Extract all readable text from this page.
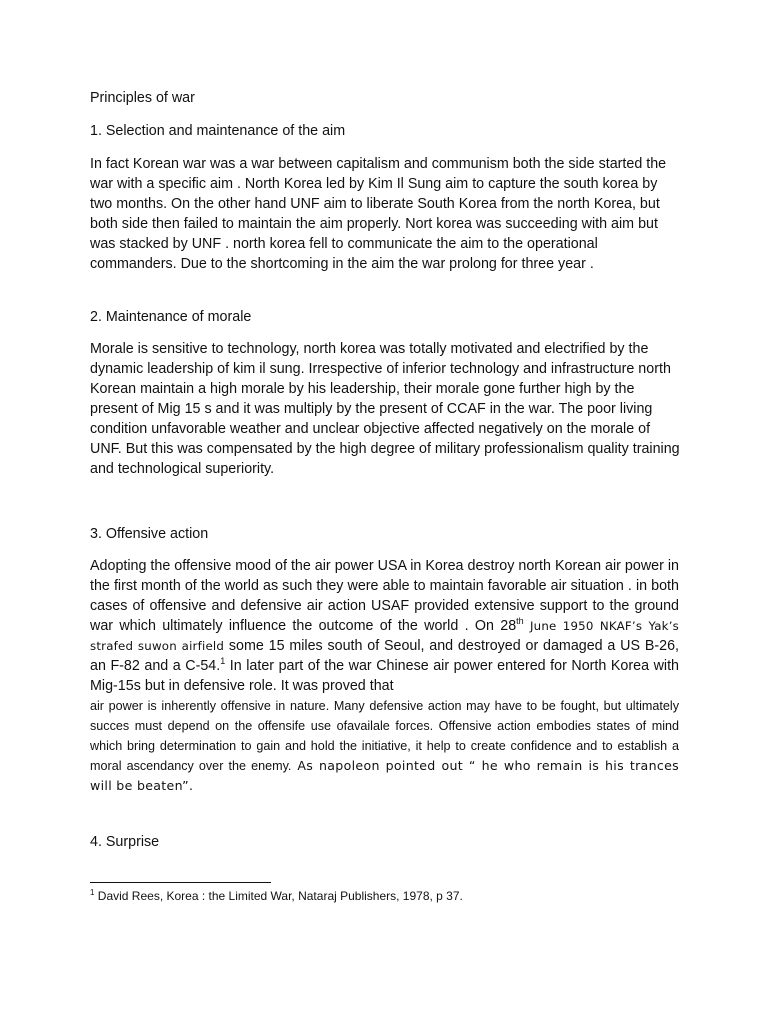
Principles of war

1. Selection and maintenance of the aim

In fact Korean war was a war between capitalism and communism both the side started the war with a specific aim . North Korea led by Kim Il Sung aim to capture the south korea by two months. On the other hand UNF aim to liberate South Korea from the north Korea, but both side then failed to maintain the aim properly. Nort korea was succeeding with aim but was stacked by UNF . north korea fell to communicate the aim to the operational commanders. Due to the shortcoming in the aim the war prolong for three year .

2. Maintenance of morale

Morale is sensitive to technology, north korea was totally motivated and electrified by the dynamic leadership of kim il sung. Irrespective of inferior technology and infrastructure north Korean maintain a high morale by his leadership, their morale gone further high by the present of Mig 15 s and it was multiply by the present of CCAF in the war. The poor living condition unfavorable weather and unclear objective affected negatively on the morale of UNF. But this was compensated by the high degree of military professionalism quality training and technological superiority.

3. Offensive action

Adopting the offensive mood of the air power USA in Korea destroy north Korean air power in the first month of the world as such they were able to maintain favorable air situation . in both cases of offensive and defensive air action USAF provided extensive support to the ground war which ultimately influence the outcome of the world . On 28th June 1950 NKAF’s Yak’s strafed suwon airfield some 15 miles south of Seoul, and destroyed or damaged a US B-26, an F-82 and a C-54.$^1$ In later part of the war Chinese air power entered for North Korea with Mig-15s but in defensive role. It was proved that
air power is inherently offensive in nature. Many defensive action may have to be fought, but ultimately succes must depend on the offensife use ofavailale forces. Offensive action embodies states of mind which bring determination to gain and hold the initiative, it help to create confidence and to establish a moral ascendancy over the enemy. As napoleon pointed out “ he who remain is his trances will be beaten”.

4. Surprise

$^1$ David Rees, Korea : the Limited War, Nataraj Publishers, 1978, p 37.
